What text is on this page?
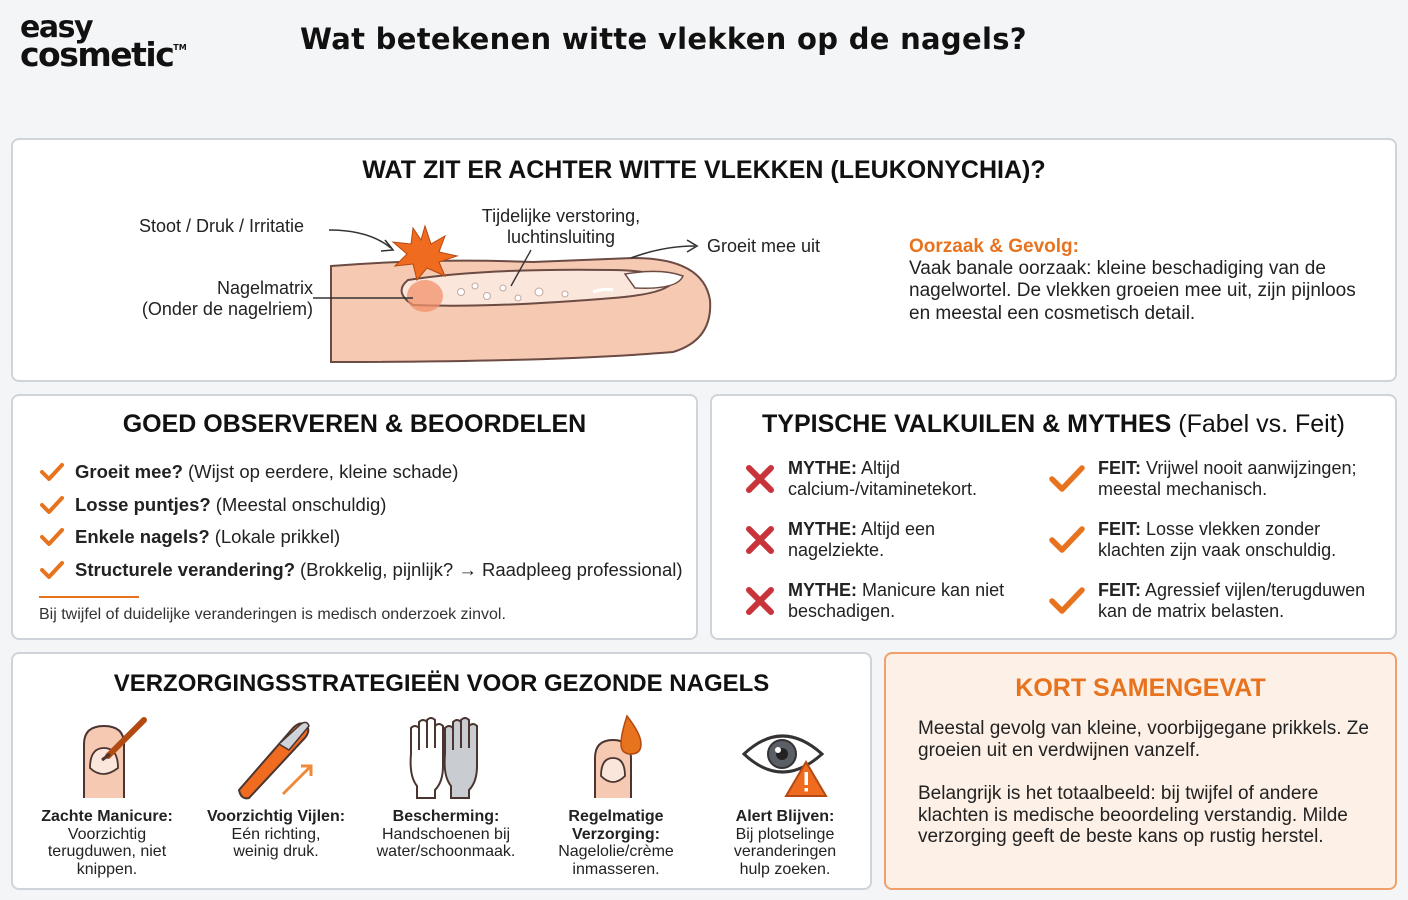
easy
cosmetic™	Wat betekenen witte vlekken op de nagels?
WAT ZIT ER ACHTER WITTE VLEKKEN (LEUKONYCHIA)?
Stoot / Druk / Irritatie	Tijdelijke verstoring,
luchtinsluiting	Groeit mee uit
Nagelmatrix
(Onder de nagelriem)
Oorzaak & Gevolg:
Vaak banale oorzaak: kleine beschadiging van de nagelwortel. De vlekken groeien mee uit, zijn pijnloos en meestal een cosmetisch detail.
GOED OBSERVEREN & BEOORDELEN
Groeit mee? (Wijst op eerdere, kleine schade)
Losse puntjes? (Meestal onschuldig)
Enkele nagels? (Lokale prikkel)
Structurele verandering? (Brokkelig, pijnlijk? → Raadpleeg professional)
Bij twijfel of duidelijke veranderingen is medisch onderzoek zinvol.
TYPISCHE VALKUILEN & MYTHES (Fabel vs. Feit)
MYTHE: Altijd
calcium-/vitaminetekort.
MYTHE: Altijd een
nagelziekte.
MYTHE: Manicure kan niet
beschadigen.
FEIT: Vrijwel nooit aanwijzingen;
meestal mechanisch.
FEIT: Losse vlekken zonder
klachten zijn vaak onschuldig.
FEIT: Agressief vijlen/terugduwen
kan de matrix belasten.
VERZORGINGSSTRATEGIEËN VOOR GEZONDE NAGELS
Zachte Manicure:
Voorzichtig
terugduwen, niet
knippen.
Voorzichtig Vijlen:
Eén richting,
weinig druk.
Bescherming:
Handschoenen bij
water/schoonmaak.
Regelmatige
Verzorging:
Nagelolie/crème
inmasseren.
Alert Blijven:
Bij plotselinge
veranderingen
hulp zoeken.
KORT SAMENGEVAT

Meestal gevolg van kleine, voorbijgegane prikkels. Ze groeien uit en verdwijnen vanzelf.

Belangrijk is het totaalbeeld: bij twijfel of andere klachten is medische beoordeling verstandig. Milde verzorging geeft de beste kans op rustig herstel.
